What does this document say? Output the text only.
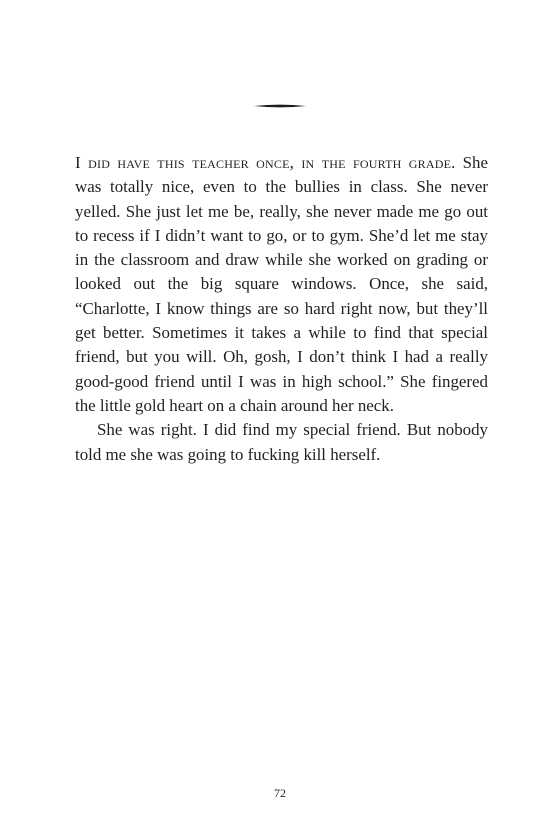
I did have this teacher once, in the fourth grade. She was totally nice, even to the bullies in class. She never yelled. She just let me be, really, she never made me go out to recess if I didn’t want to go, or to gym. She’d let me stay in the classroom and draw while she worked on grading or looked out the big square windows. Once, she said, “Charlotte, I know things are so hard right now, but they’ll get better. Sometimes it takes a while to find that special friend, but you will. Oh, gosh, I don’t think I had a really good-good friend until I was in high school.” She fingered the little gold heart on a chain around her neck.

She was right. I did find my special friend. But nobody told me she was going to fucking kill herself.

72
